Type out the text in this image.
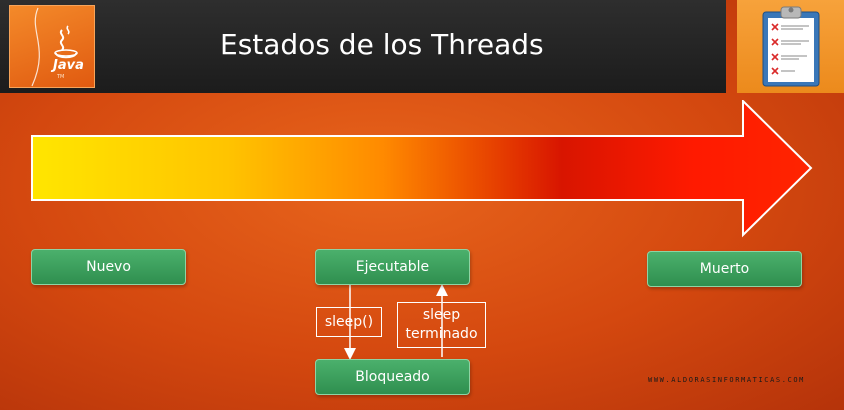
Java
TM
Estados de los Threads
Nuevo	Ejecutable	Muerto
Bloqueado
sleep()	sleep
terminado
WWW.ALDORASINFORMATICAS.COM
